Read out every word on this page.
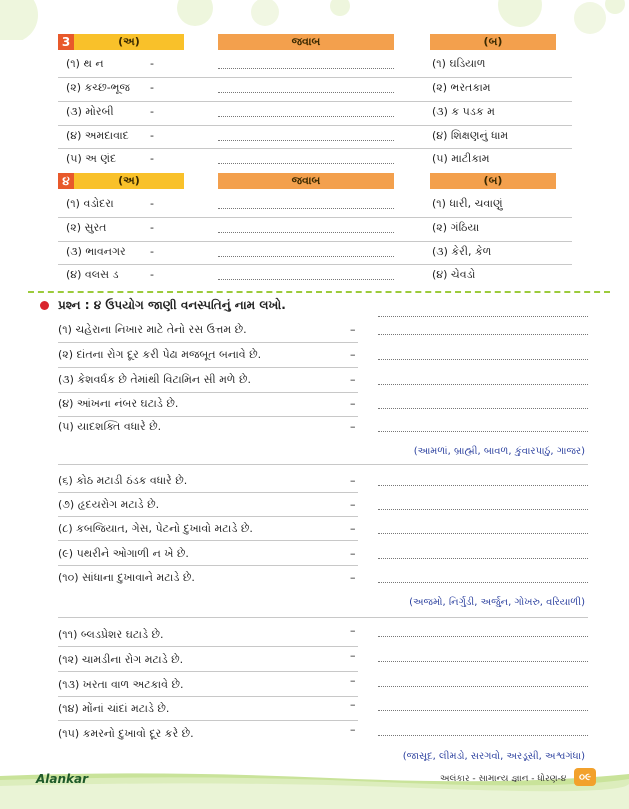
3	(અ)	જવાબ	(બ)
(૧) થ ન	-	(૧) ઘડિયાળ
(૨) કચ્છ-ભૂજ -	(૨) ભરતકામ
(૩) મોરબી	-	(૩) ક પડક મ
(૪) અમદાવાદ -	(૪) શિક્ષણનું ધામ
(૫) અ ણંદ	-	(૫) માટીકામ
૪	(અ)	જવાબ	(બ)
(૧) વડોદરા	-	(૧) ધારી, ચવાણું
(૨) સુરત	-	(૨) ગંઠિયા
(૩) ભાવનગર -	(૩) કેરી, કેળ
(૪) વલસ ડ	-	(૪) ચેવડો
પ્રશ્ન : ૪ ઉપયોગ જાણી વનસ્પતિનું નામ લખો.
(૧) ચહેરાના નિખાર માટે તેનો રસ ઉત્તમ છે.	–
(૨) દાંતના રોગ દૂર કરી પેઢા મજબૂત બનાવે છે.	–
(૩) કેશવર્ધક છે તેમાંથી વિટામિન સી મળે છે.	–
(૪) આંખના નંબર ઘટાડે છે.	–
(૫) યાદશક્તિ વધારે છે.	–
(આમળાં, બ્રાહ્મી, બાવળ, કુંવારપાઠું, ગાજર)
(૬) કોઠ મટાડી ઠંડક વધારે છે.	–
(૭) હૃદયરોગ મટાડે છે.	–
(૮) કબજિયાત, ગેસ, પેટનો દુખાવો મટાડે છે.	–
(૯) પથરીને ઓગાળી ન ખે છે.	–
(૧૦) સાંધાના દુખાવાને મટાડે છે.	–
(અજમો, નિર્ગુડી, અર્જુન, ગોખરુ, વરિયાળી)
(૧૧) બ્લડપ્રેશર ઘટાડે છે.	–
(૧૨) ચામડીના રોગ મટાડે છે.	–
(૧૩) ખરતા વાળ અટકાવે છે.	–
(૧૪) મોંનાં ચાંદાં મટાડે છે.	–
(૧૫) કમરનો દુખાવો દૂર કરે છે.	–
(જાસૂદ, લીમડો, સરગવો, અરડૂસી, અશ્વગંધા)
Alankar	અલંકાર - સામાન્ય જ્ઞાન - ધોરણ-૪	૦૯
